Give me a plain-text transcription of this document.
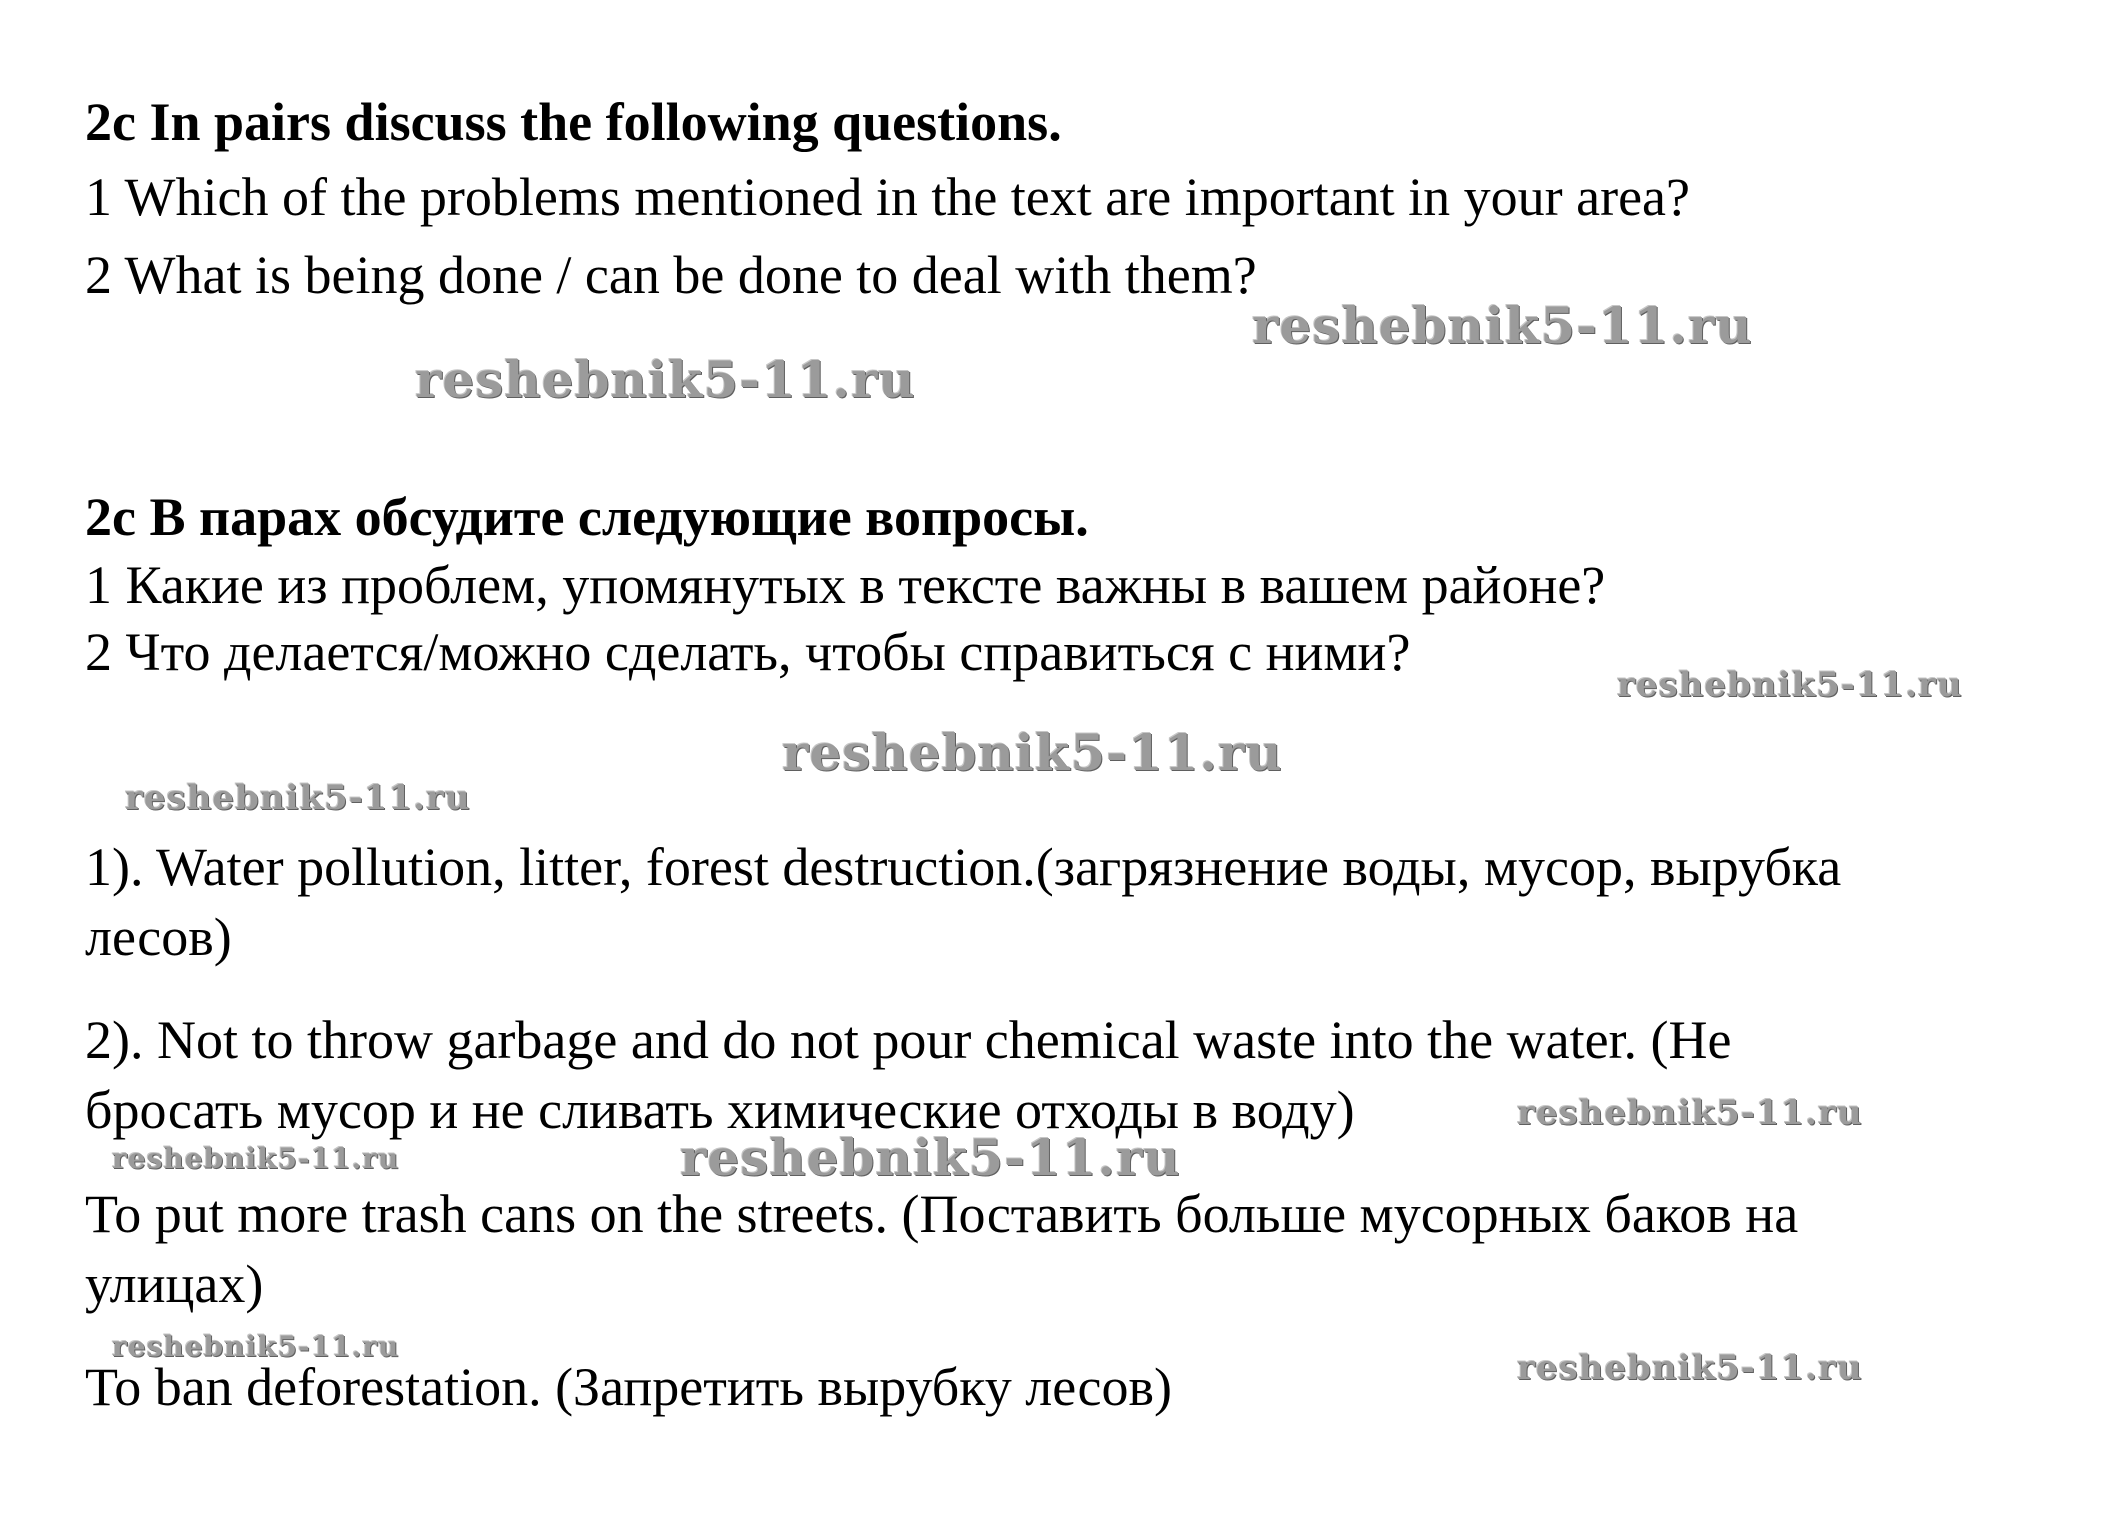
2c In pairs discuss the following questions.

1 Which of the problems mentioned in the text are important in your area?

2 What is being done / can be done to deal with them?

2с В парах обсудите следующие вопросы.

1 Какие из проблем, упомянутых в тексте важны в вашем районе?

2 Что делается/можно сделать, чтобы справиться с ними?

1). Water pollution, litter, forest destruction.(загрязнение воды, мусор, вырубка

лесов)

2). Not to throw garbage and do not pour chemical waste into the water. (Не

бросать мусор и не сливать химические отходы в воду)

To put more trash cans on the streets. (Поставить больше мусорных баков на

улицах)

To ban deforestation. (Запретить вырубку лесов)

reshebnik5-11.ru
reshebnik5-11.ru
reshebnik5-11.ru
reshebnik5-11.ru
reshebnik5-11.ru
reshebnik5-11.ru
reshebnik5-11.ru	reshebnik5-11.ru
reshebnik5-11.ru
reshebnik5-11.ru
